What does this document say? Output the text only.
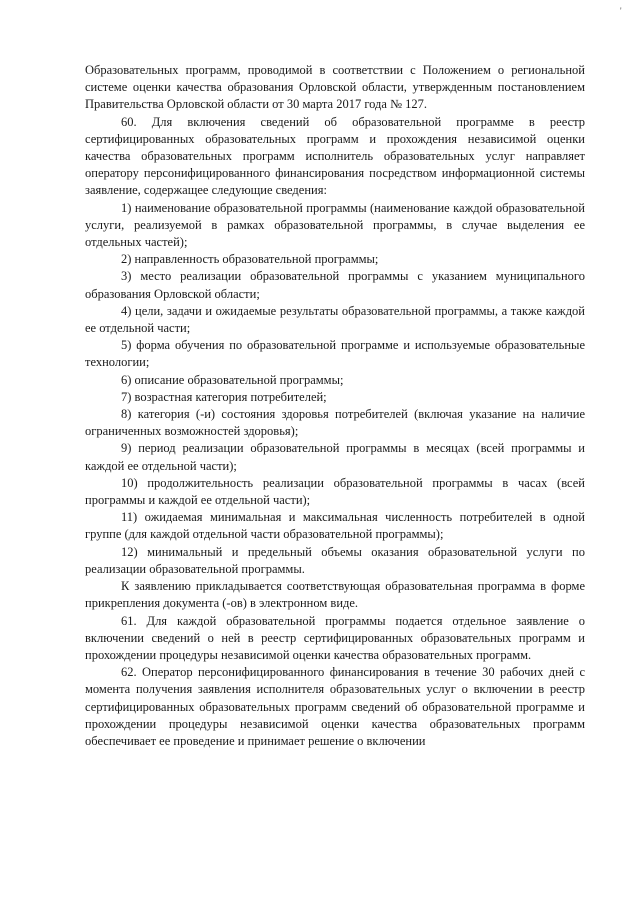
'

Образовательных программ, проводимой в соответствии с Положением о региональной системе оценки качества образования Орловской области, утвержденным постановлением Правительства Орловской области от 30 марта 2017 года № 127.

60. Для включения сведений об образовательной программе в реестр сертифицированных образовательных программ и прохождения независимой оценки качества образовательных программ исполнитель образовательных услуг направляет оператору персонифицированного финансирования посредством информационной системы заявление, содержащее следующие сведения:

1) наименование образовательной программы (наименование каждой образовательной услуги, реализуемой в рамках образовательной программы, в случае выделения ее отдельных частей);

2) направленность образовательной программы;

3) место реализации образовательной программы с указанием муниципального образования Орловской области;

4) цели, задачи и ожидаемые результаты образовательной программы, а также каждой ее отдельной части;

5) форма обучения по образовательной программе и используемые образовательные технологии;

6) описание образовательной программы;

7) возрастная категория потребителей;

8) категория (-и) состояния здоровья потребителей (включая указание на наличие ограниченных возможностей здоровья);

9) период реализации образовательной программы в месяцах (всей программы и каждой ее отдельной части);

10) продолжительность реализации образовательной программы в часах (всей программы и каждой ее отдельной части);

11) ожидаемая минимальная и максимальная численность потребителей в одной группе (для каждой отдельной части образовательной программы);

12) минимальный и предельный объемы оказания образовательной услуги по реализации образовательной программы.

К заявлению прикладывается соответствующая образовательная программа в форме прикрепления документа (-ов) в электронном виде.

61. Для каждой образовательной программы подается отдельное заявление о включении сведений о ней в реестр сертифицированных образовательных программ и прохождении процедуры независимой оценки качества образовательных программ.

62. Оператор персонифицированного финансирования в течение 30 рабочих дней с момента получения заявления исполнителя образовательных услуг о включении в реестр сертифицированных образовательных программ сведений об образовательной программе и прохождении процедуры независимой оценки качества образовательных программ обеспечивает ее проведение и принимает решение о включении
